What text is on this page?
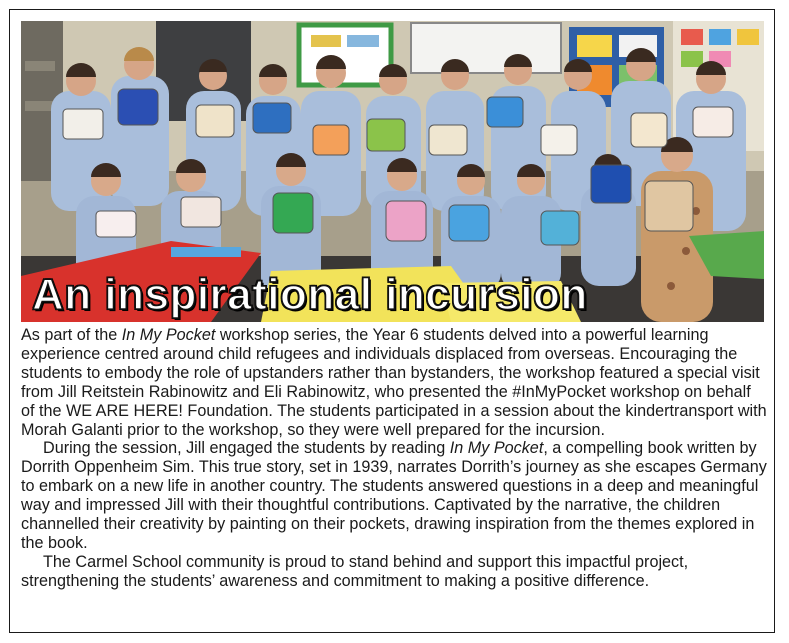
An inspirational incursion

As part of the In My Pocket workshop series, the Year 6 students delved into a powerful learning experience centred around child refugees and individuals displaced from overseas. Encouraging the students to embody the role of upstanders rather than bystanders, the workshop featured a special visit from Jill Reitstein Rabinowitz and Eli Rabinowitz, who presented the #InMyPocket workshop on behalf of the WE ARE HERE! Foundation. The students participated in a session about the kindertransport with Morah Galanti prior to the workshop, so they were well prepared for the incursion.

During the session, Jill engaged the students by reading In My Pocket, a compelling book written by Dorrith Oppenheim Sim. This true story, set in 1939, narrates Dorrith’s journey as she escapes Germany to embark on a new life in another country. The students answered questions in a deep and meaningful way and impressed Jill with their thoughtful contributions. Captivated by the narrative, the children channelled their creativity by painting on their pockets, drawing inspiration from the themes explored in the book.

The Carmel School community is proud to stand behind and support this impactful project, strengthening the students’ awareness and commitment to making a positive difference.
